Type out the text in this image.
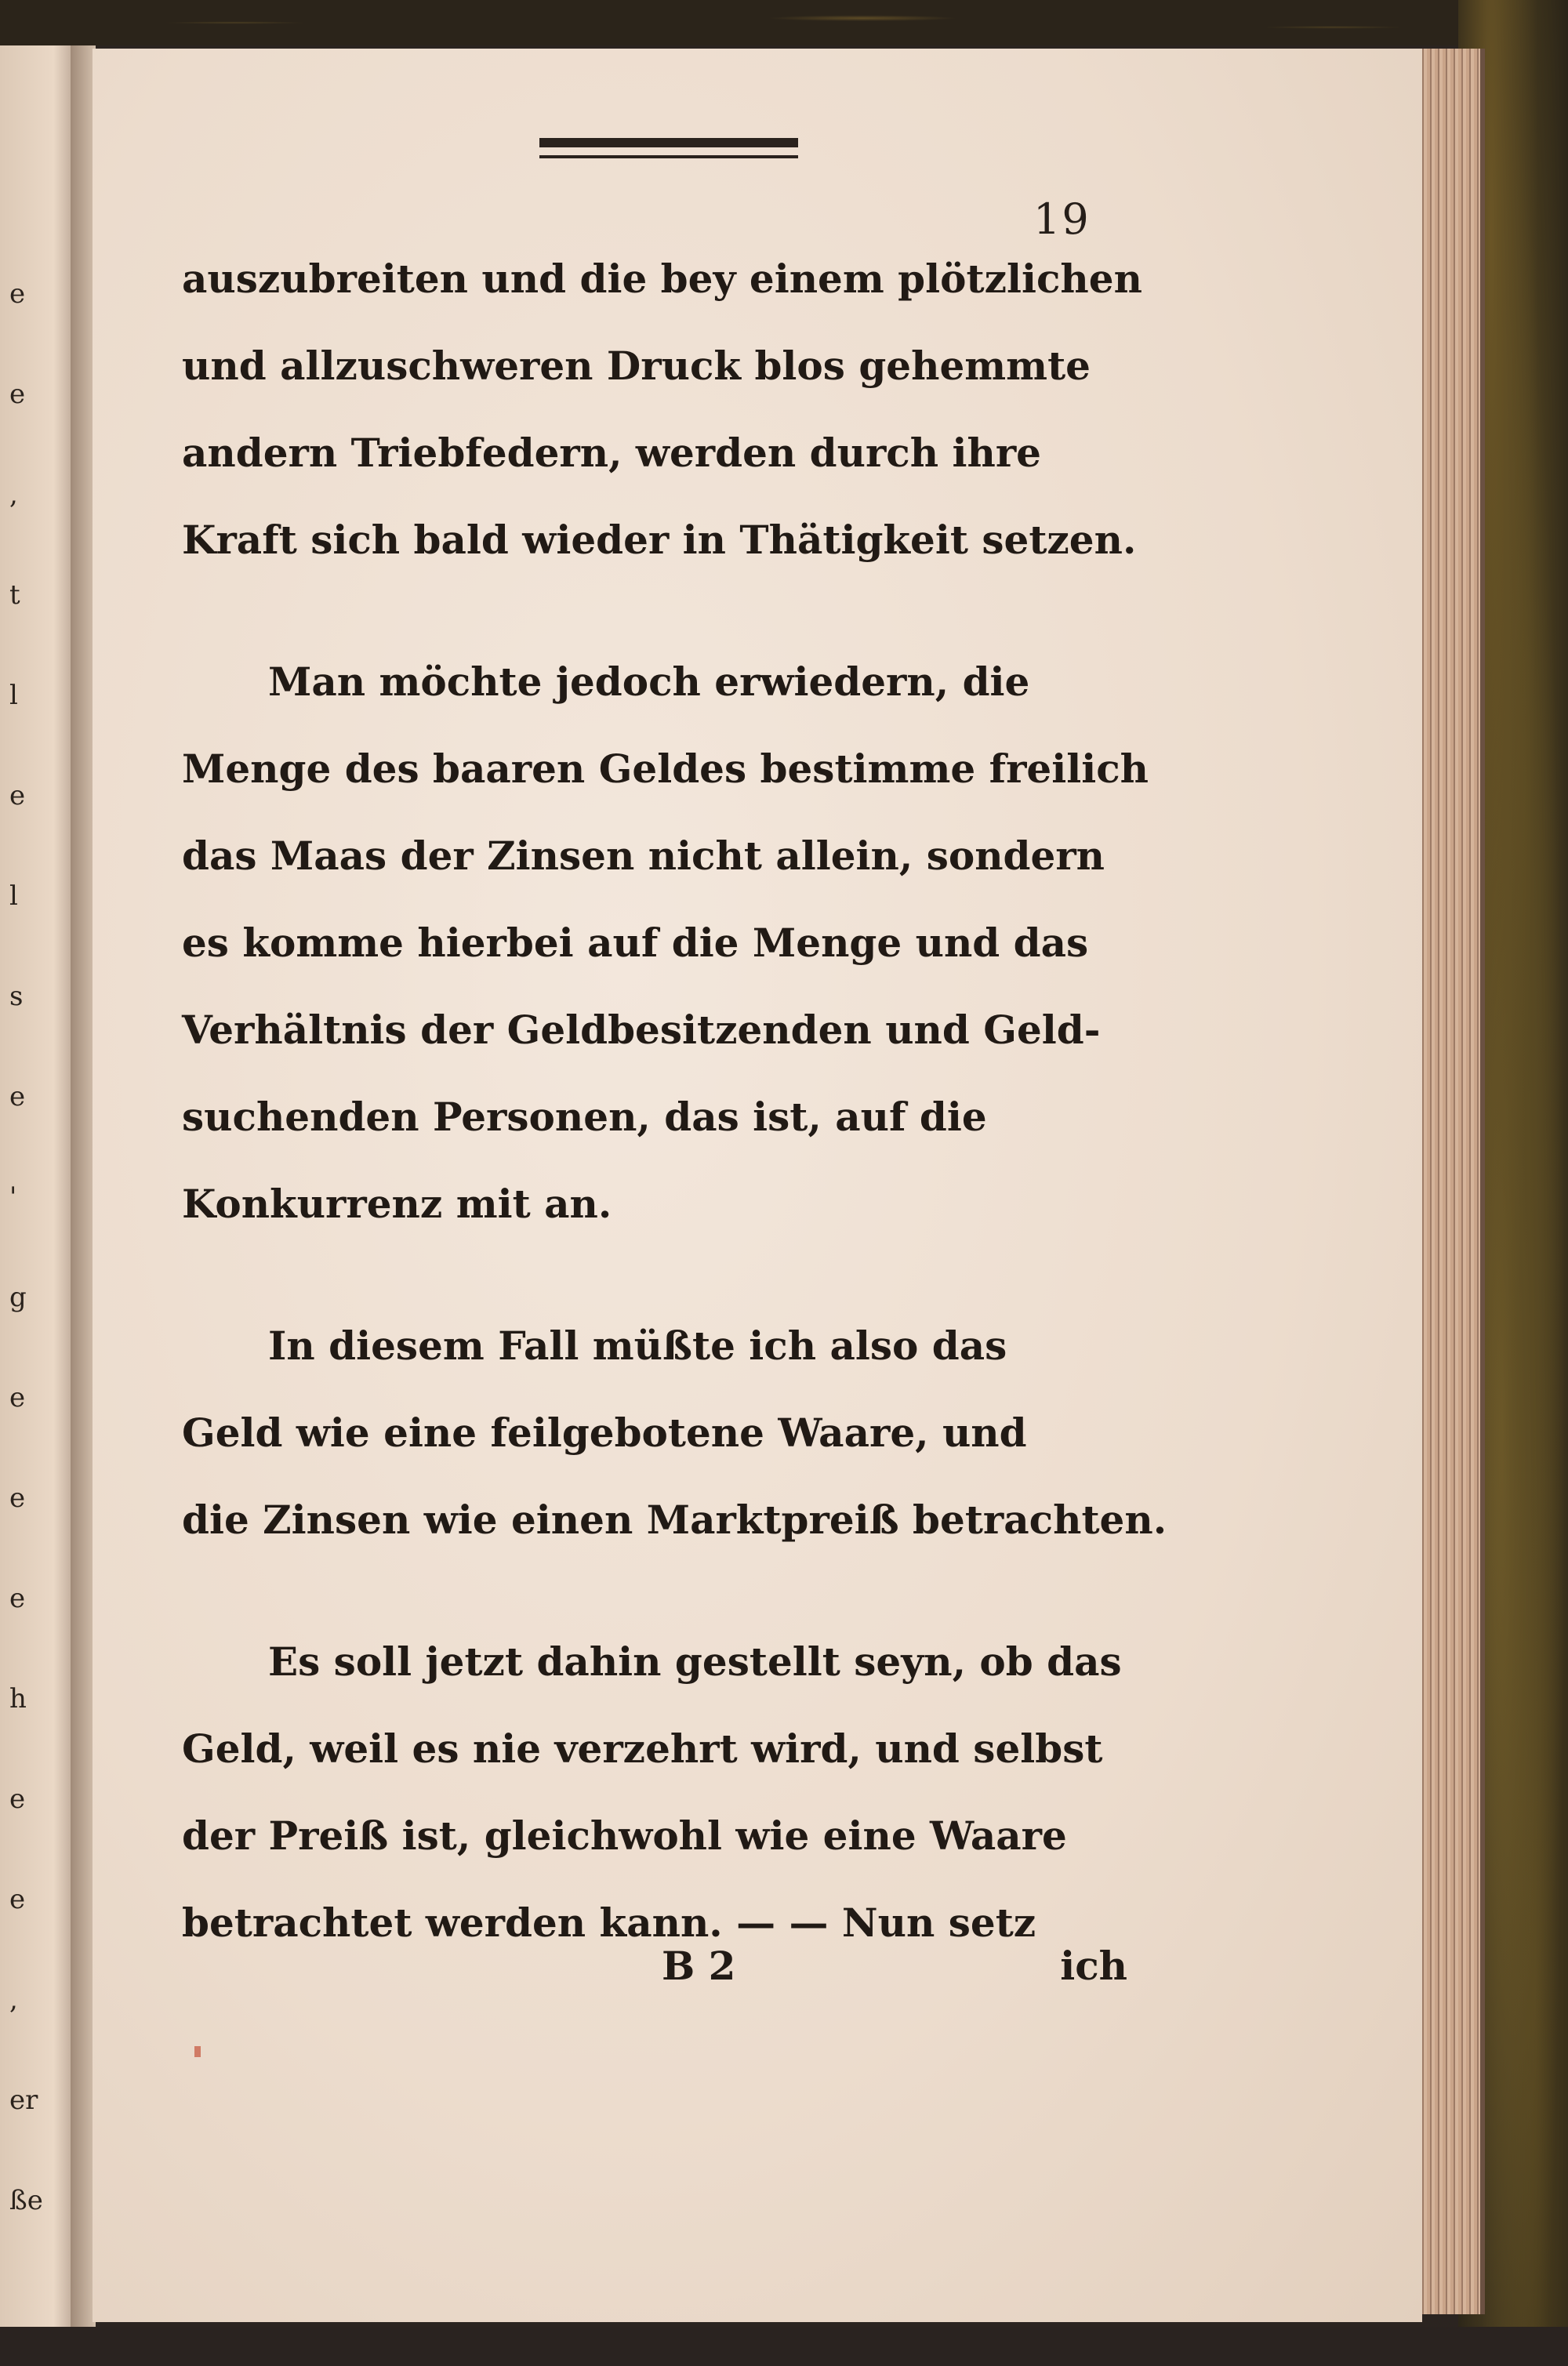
e
e
,
t
l
e
l
s
e
'
g
e
e
e
h
e
e
,
er
ße
19
auszubreiten und die bey einem plötzlichen
und allzuschweren Druck blos gehemmte
andern Triebfedern, werden durch ihre
Kraft sich bald wieder in Thätigkeit setzen.
Man möchte jedoch erwiedern, die
Menge des baaren Geldes bestimme freilich
das Maas der Zinsen nicht allein, sondern
es komme hierbei auf die Menge und das
Verhältnis der Geldbesitzenden und Geld-
suchenden Personen, das ist, auf die
Konkurrenz mit an.
In diesem Fall müßte ich also das
Geld wie eine feilgebotene Waare, und
die Zinsen wie einen Marktpreiß betrachten.
Es soll jetzt dahin gestellt seyn, ob das
Geld, weil es nie verzehrt wird, und selbst
der Preiß ist, gleichwohl wie eine Waare
betrachtet werden kann. — — Nun setz
B 2	ich
